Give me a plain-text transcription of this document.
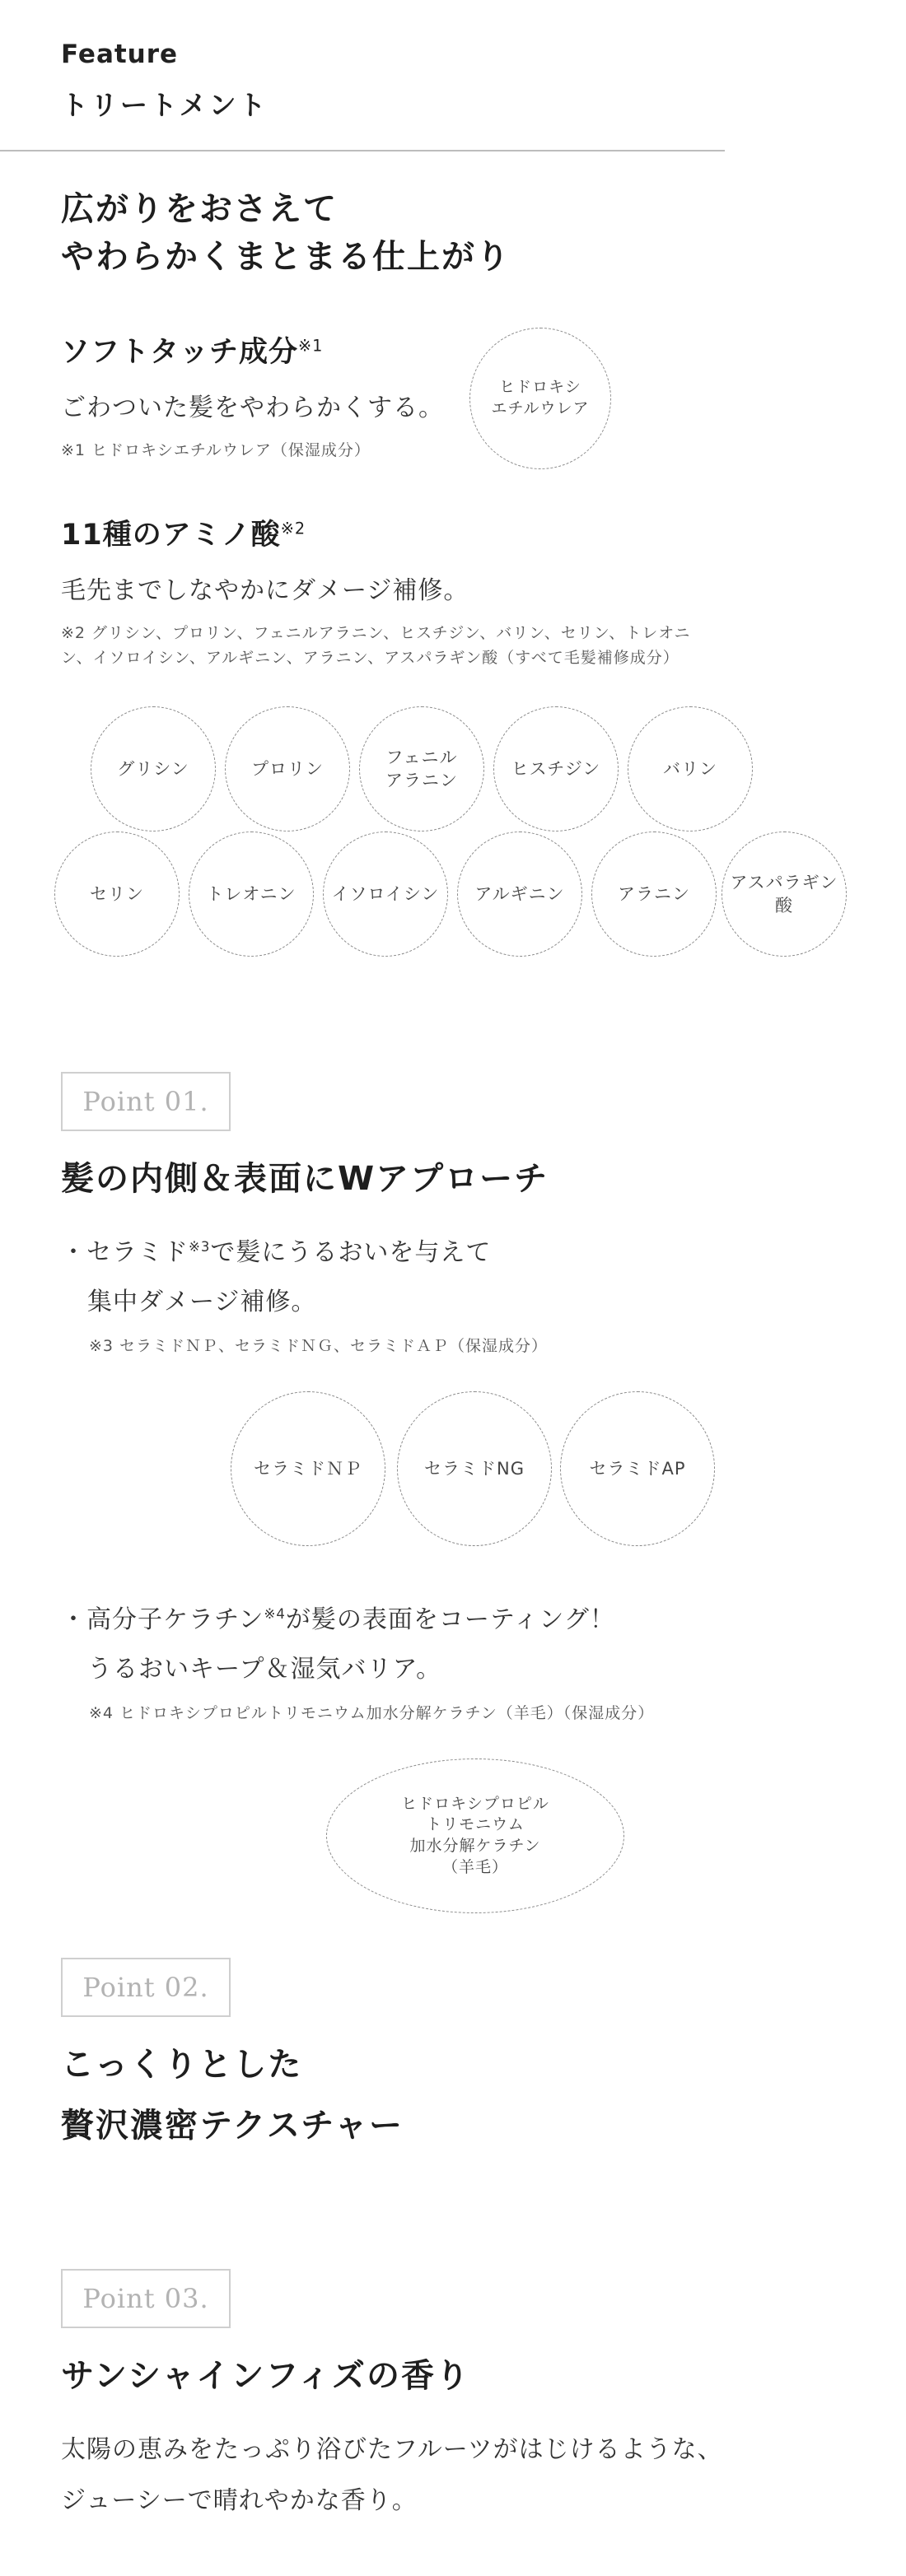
Feature
トリートメント
広がりをおさえて
やわらかくまとまる仕上がり
ソフトタッチ成分$^{※1}$
ごわついた髪をやわらかくする。
※1 ヒドロキシエチルウレア（保湿成分）
ヒドロキシ
エチルウレア
11種のアミノ酸$^{※2}$
毛先までしなやかにダメージ補修。
※2 グリシン、プロリン、フェニルアラニン、ヒスチジン、バリン、セリン、トレオニ
ン、イソロイシン、アルギニン、アラニン、アスパラギン酸（すべて毛髪補修成分）
グリシン	プロリン
フェニル
アラニン
ヒスチジン	バリン
セリン	トレオニン イソロイシン アルギニン	アラニン
アスパラギン
酸
Point 01.
髪の内側＆表面にWアプローチ
・セラミド$^{※3}$で髪にうるおいを与えて
集中ダメージ補修。
※3 セラミドＮＰ、セラミドＮＧ、セラミドＡＰ（保湿成分）
セラミドＮＰ	セラミドNG	セラミドAP
・高分子ケラチン$^{※4}$が髪の表面をコーティング！
うるおいキープ＆湿気バリア。
※4 ヒドロキシプロピルトリモニウム加水分解ケラチン（羊毛）（保湿成分）
ヒドロキシプロピル
トリモニウム
加水分解ケラチン
（羊毛）
Point 02.
こっくりとした
贅沢濃密テクスチャー
Point 03.
サンシャインフィズの香り
太陽の恵みをたっぷり浴びたフルーツがはじけるような、
ジューシーで晴れやかな香り。
